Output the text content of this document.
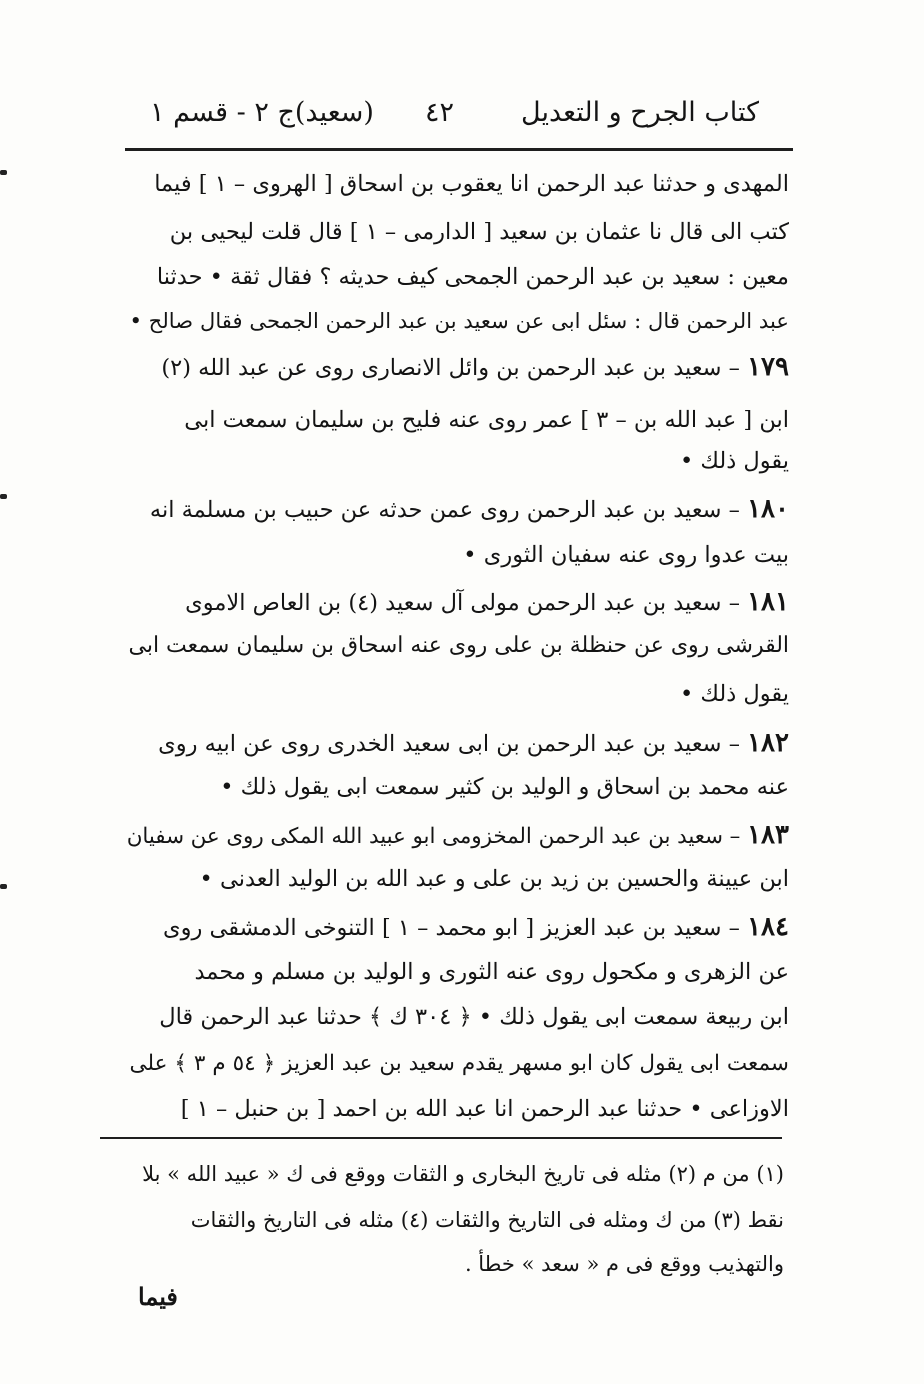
كتاب الجرح و التعديل
٤٢
(سعيد)ج ٢ - قسم ١
المهدى و حدثنا عبد الرحمن انا يعقوب بن اسحاق [ الهروى – ١ ] فيما
كتب الى قال نا عثمان بن سعيد [ الدارمى – ١ ] قال قلت ليحيى بن
معين : سعيد بن عبد الرحمن الجمحى كيف حديثه ؟ فقال ثقة • حدثنا
عبد الرحمن قال : سئل ابى عن سعيد بن عبد الرحمن الجمحى فقال صالح •
١٧٩ – سعيد بن عبد الرحمن بن وائل الانصارى روى عن عبد الله (٢)
ابن [ عبد الله بن – ٣ ] عمر روى عنه فليح بن سليمان سمعت ابى
يقول ذلك •
١٨٠ – سعيد بن عبد الرحمن روى عمن حدثه عن حبيب بن مسلمة انه
بيت عدوا روى عنه سفيان الثورى •
١٨١ – سعيد بن عبد الرحمن مولى آل سعيد (٤) بن العاص الاموى
القرشى روى عن حنظلة بن على روى عنه اسحاق بن سليمان سمعت ابى
يقول ذلك •
١٨٢ – سعيد بن عبد الرحمن بن ابى سعيد الخدرى روى عن ابيه روى
عنه محمد بن اسحاق و الوليد بن كثير سمعت ابى يقول ذلك •
١٨٣ – سعيد بن عبد الرحمن المخزومى ابو عبيد الله المكى روى عن سفيان
ابن عيينة والحسين بن زيد بن على و عبد الله بن الوليد العدنى •
١٨٤ – سعيد بن عبد العزيز [ ابو محمد – ١ ] التنوخى الدمشقى روى
عن الزهرى و مكحول روى عنه الثورى و الوليد بن مسلم و محمد
ابن ربيعة سمعت ابى يقول ذلك • ﴿ ٣٠٤ ك ﴾ حدثنا عبد الرحمن قال
سمعت ابى يقول كان ابو مسهر يقدم سعيد بن عبد العزيز ﴿ ٥٤ م ٣ ﴾ على
الاوزاعى • حدثنا عبد الرحمن انا عبد الله بن احمد [ بن حنبل – ١ ]
(١) من م (٢) مثله فى تاريخ البخارى و الثقات ووقع فى ك « عبيد الله » بلا
نقط (٣) من ك ومثله فى التاريخ والثقات (٤) مثله فى التاريخ والثقات
والتهذيب ووقع فى م « سعد » خطأ .
فيما
